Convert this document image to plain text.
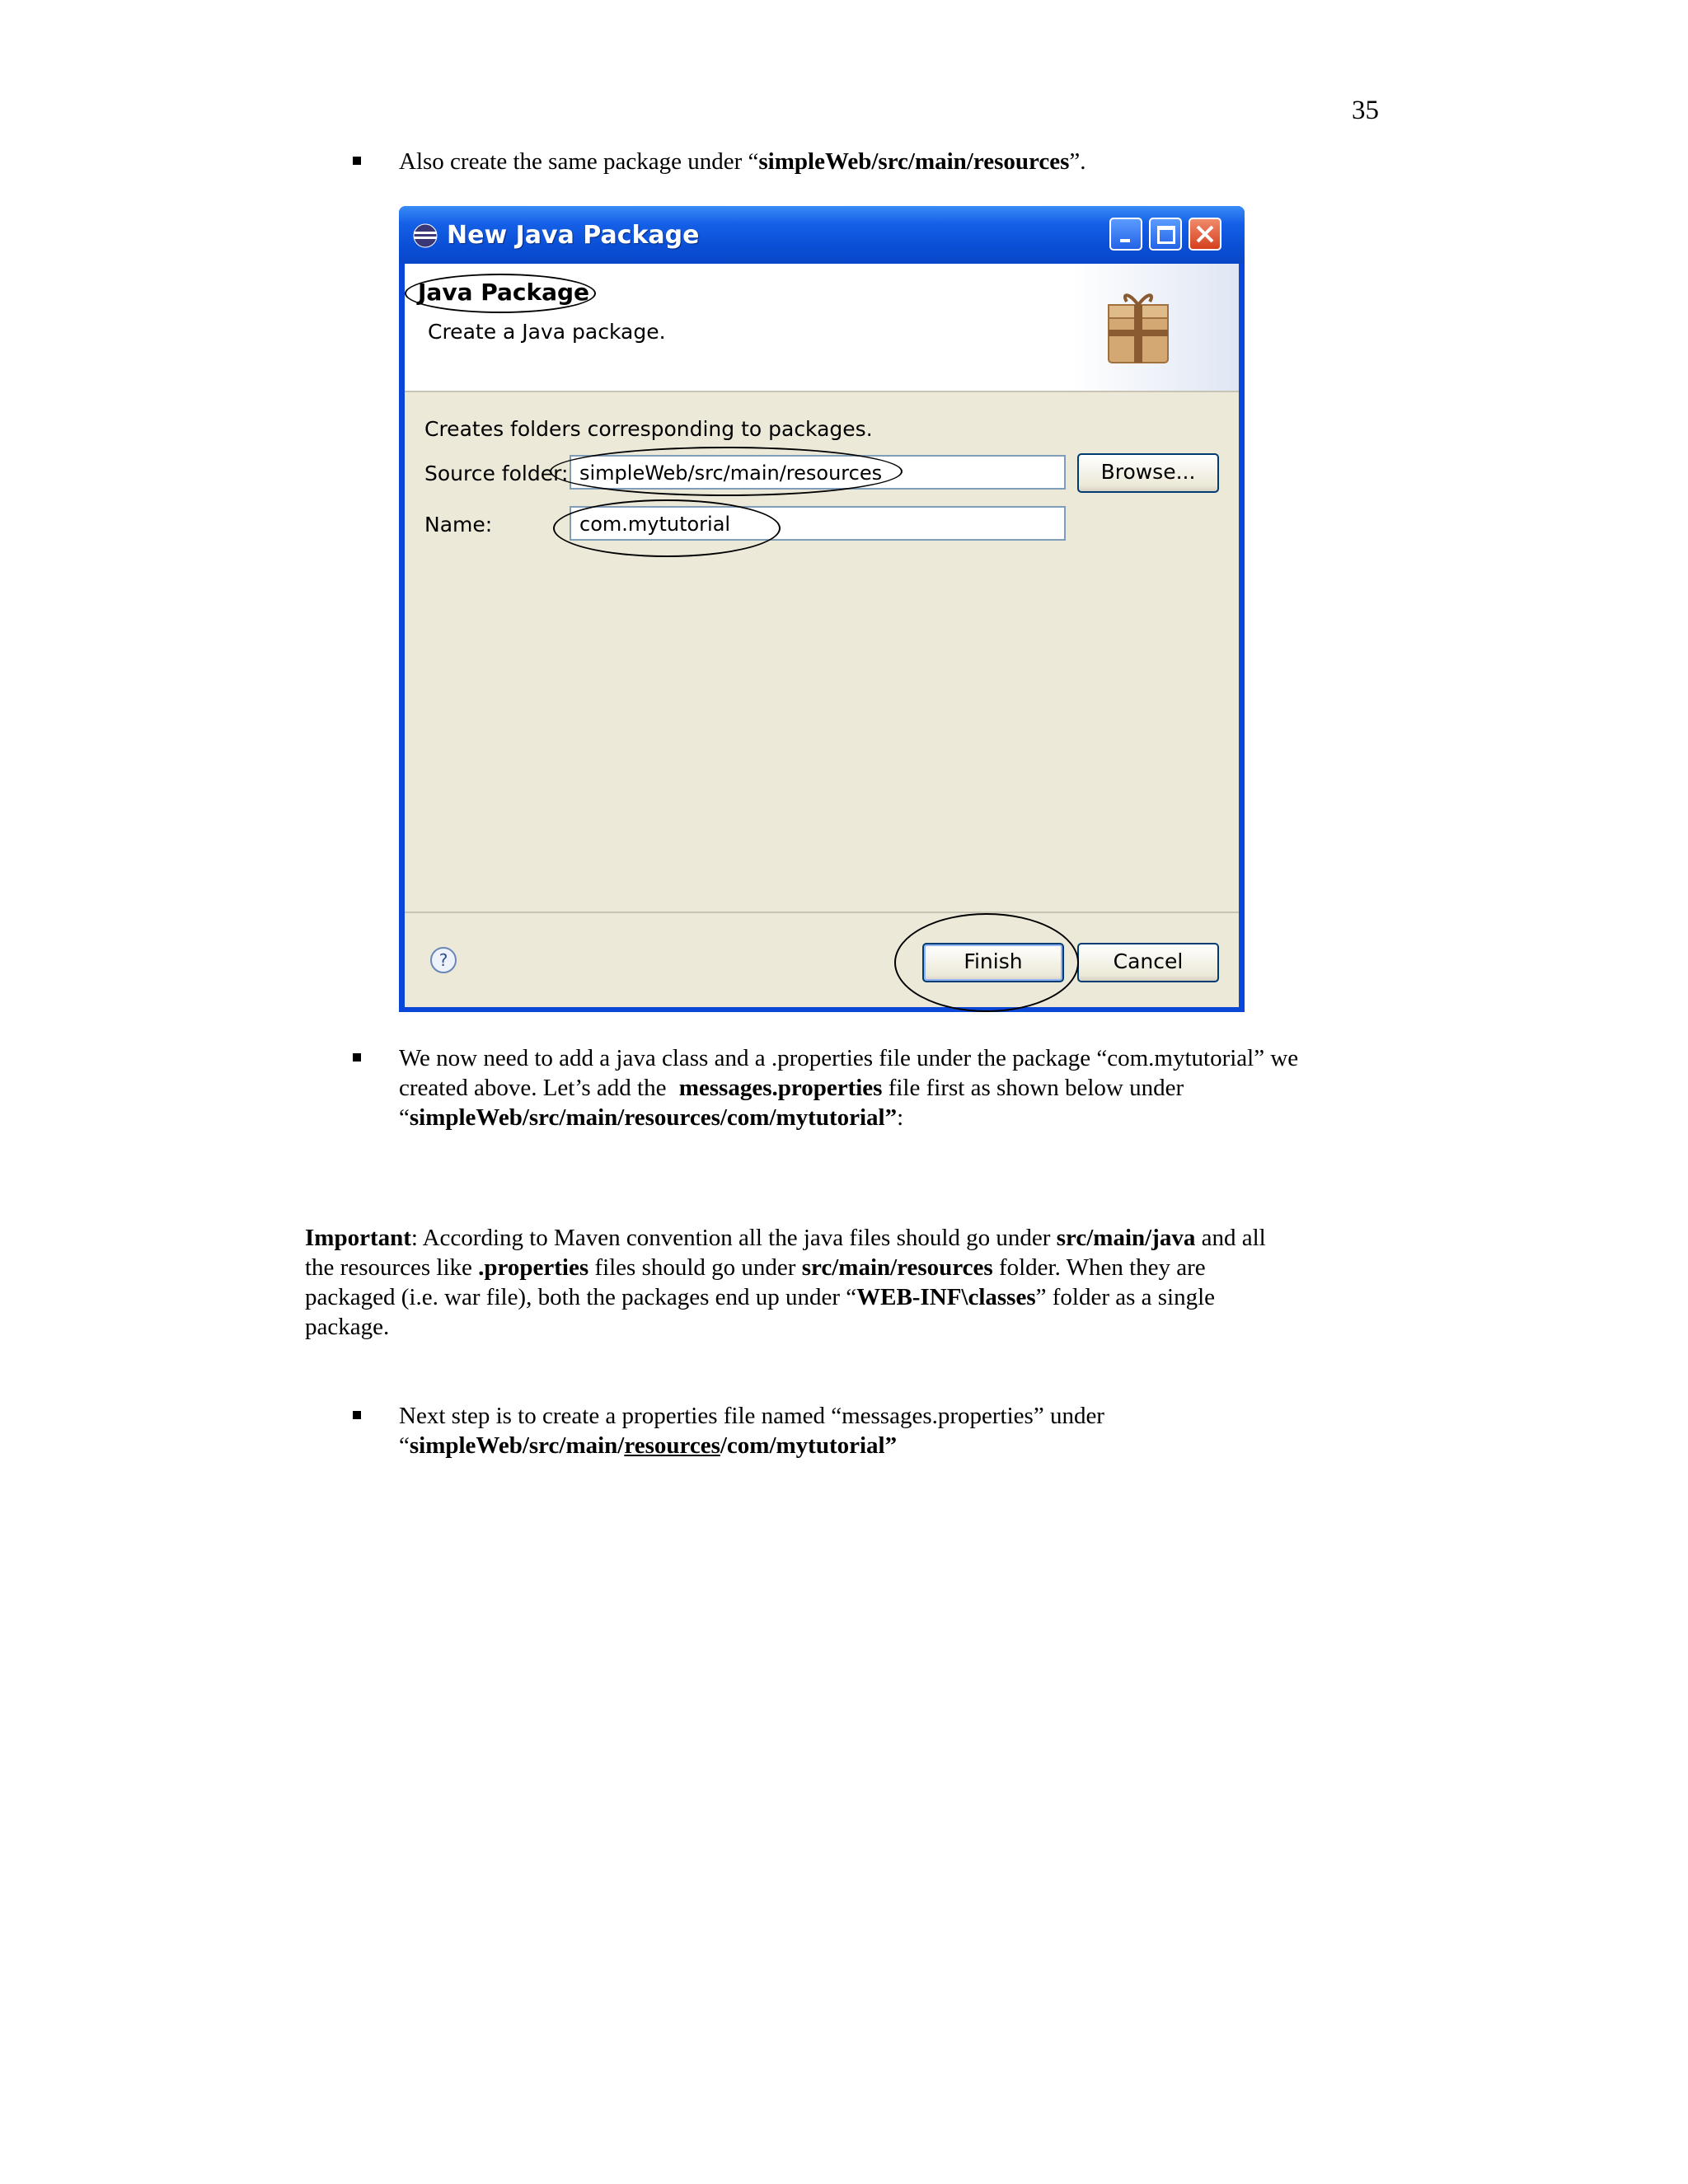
35
Also create the same package under “simpleWeb/src/main/resources”.
New Java Package
Java Package
Create a Java package.
Creates folders corresponding to packages.
Source folder: simpleWeb/src/main/resources	Browse...
Name:	com.mytutorial
?	Finish	Cancel
We now need to add a java class and a .properties file under the package “com.mytutorial” we
created above. Let’s add the messages.properties file first as shown below under
“simpleWeb/src/main/resources/com/mytutorial”:
Important: According to Maven convention all the java files should go under src/main/java and all
the resources like .properties files should go under src/main/resources folder. When they are
packaged (i.e. war file), both the packages end up under “WEB-INF\classes” folder as a single
package.
Next step is to create a properties file named “messages.properties” under
“simpleWeb/src/main/resources/com/mytutorial”
